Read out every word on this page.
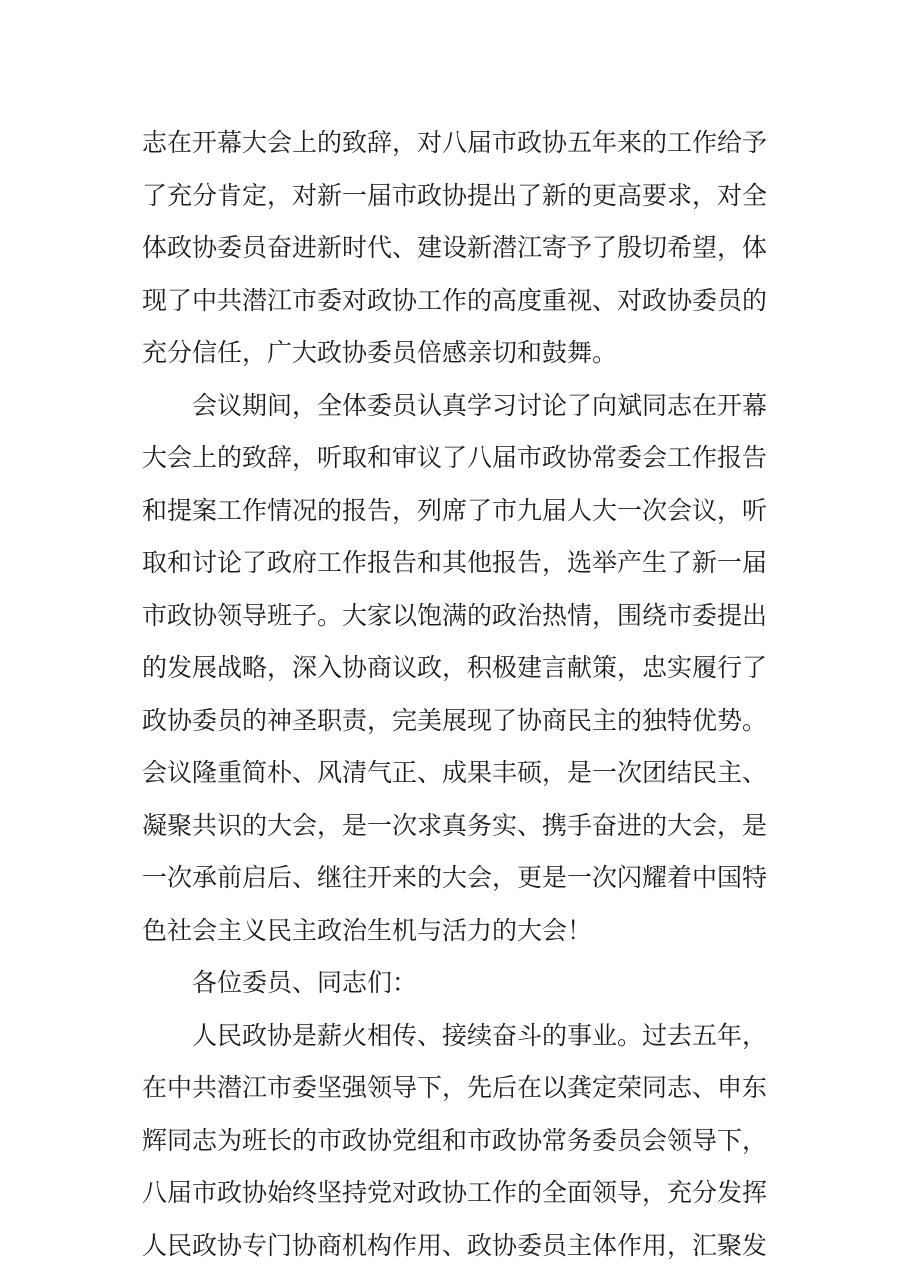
志在开幕大会上的致辞，对八届市政协五年来的工作给予
了充分肯定，对新一届市政协提出了新的更高要求，对全
体政协委员奋进新时代、建设新潜江寄予了殷切希望，体
现了中共潜江市委对政协工作的高度重视、对政协委员的
充分信任，广大政协委员倍感亲切和鼓舞。
会议期间，全体委员认真学习讨论了向斌同志在开幕
大会上的致辞，听取和审议了八届市政协常委会工作报告
和提案工作情况的报告，列席了市九届人大一次会议，听
取和讨论了政府工作报告和其他报告，选举产生了新一届
市政协领导班子。大家以饱满的政治热情，围绕市委提出
的发展战略，深入协商议政，积极建言献策，忠实履行了
政协委员的神圣职责，完美展现了协商民主的独特优势。
会议隆重简朴、风清气正、成果丰硕，是一次团结民主、
凝聚共识的大会，是一次求真务实、携手奋进的大会，是
一次承前启后、继往开来的大会，更是一次闪耀着中国特
色社会主义民主政治生机与活力的大会！
各位委员、同志们：
人民政协是薪火相传、接续奋斗的事业。过去五年，
在中共潜江市委坚强领导下，先后在以龚定荣同志、申东
辉同志为班长的市政协党组和市政协常务委员会领导下，
八届市政协始终坚持党对政协工作的全面领导，充分发挥
人民政协专门协商机构作用、政协委员主体作用，汇聚发
